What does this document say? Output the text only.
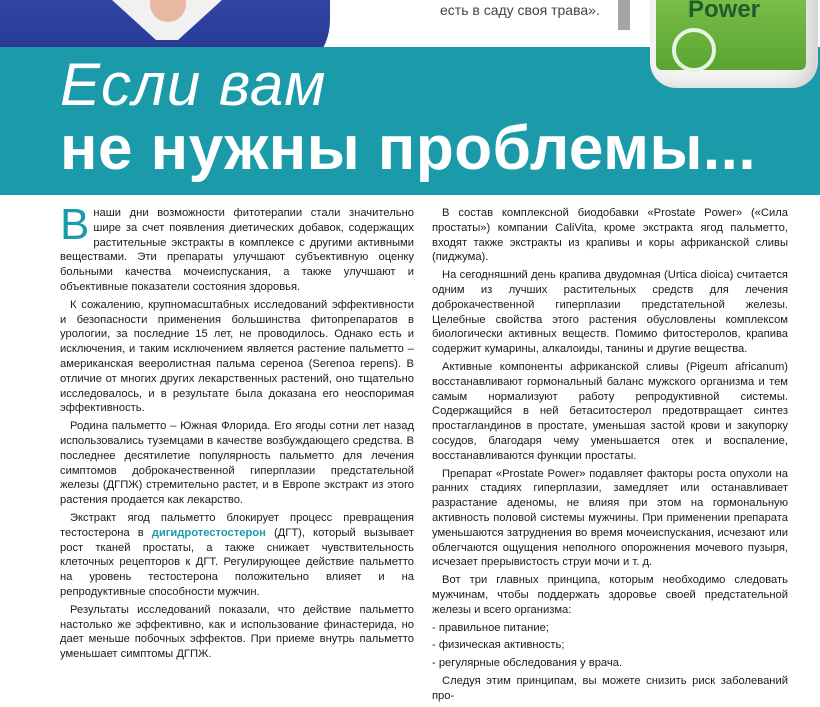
есть в саду своя трава».
Если вам
не нужны проблемы...
Power

Внаши дни возможности фитотерапии стали значительно шире за счет появления диетических добавок, содержащих растительные экстракты в комплексе с другими активными веществами. Эти препараты улучшают субъективную оценку больными качества мочеиспускания, а также улучшают и объективные показатели состояния здоровья.

К сожалению, крупномасштабных исследований эффективности и безопасности применения большинства фитопрепаратов в урологии, за последние 15 лет, не проводилось. Однако есть и исключения, и таким исключением является растение пальметто – американская вееролистная пальма сереноа (Serenoa repens). В отличие от многих других лекарственных растений, оно тщательно исследовалось, и в результате была доказана его неоспоримая эффективность.

Родина пальметто – Южная Флорида. Его ягоды сотни лет назад использовались туземцами в качестве возбуждающего средства. В последнее десятилетие популярность пальметто для лечения симптомов доброкачественной гиперплазии предстательной железы (ДГПЖ) стремительно растет, и в Европе экстракт из этого растения продается как лекарство.

Экстракт ягод пальметто блокирует процесс превращения тестостерона в дигидротестостерон (ДГТ), который вызывает рост тканей простаты, а также снижает чувствительность клеточных рецепторов к ДГТ. Регулирующее действие пальметто на уровень тестостерона положительно влияет и на репродуктивные способности мужчин.

Результаты исследований показали, что действие пальметто настолько же эффективно, как и использование финастерида, но дает меньше побочных эффектов. При приеме внутрь пальметто уменьшает симптомы ДГПЖ.

В состав комплексной биодобавки «Prostate Power» («Сила простаты») компании CaliVita, кроме экстракта ягод пальметто, входят также экстракты из крапивы и коры африканской сливы (пиджума).

На сегодняшний день крапива двудомная (Urtica dioica) считается одним из лучших растительных средств для лечения доброкачественной гиперплазии предстательной железы. Целебные свойства этого растения обусловлены комплексом биологически активных веществ. Помимо фитостеролов, крапива содержит кумарины, алкалоиды, танины и другие вещества.

Активные компоненты африканской сливы (Pigeum africanum) восстанавливают гормональный баланс мужского организма и тем самым нормализуют работу репродуктивной системы. Содержащийся в ней бетаситостерол предотвращает синтез простагландинов в простате, уменьшая застой крови и закупорку сосудов, благодаря чему уменьшается отек и воспаление, восстанавливаются функции простаты.

Препарат «Prostate Power» подавляет факторы роста опухоли на ранних стадиях гиперплазии, замедляет или останавливает разрастание аденомы, не влияя при этом на гормональную активность половой системы мужчины. При применении препарата уменьшаются затруднения во время мочеиспускания, исчезают или облегчаются ощущения неполного опорожнения мочевого пузыря, исчезает прерывистость струи мочи и т. д.

Вот три главных принципа, которым необходимо следовать мужчинам, чтобы поддержать здоровье своей предстательной железы и всего организма:

- правильное питание;

- физическая активность;

- регулярные обследования у врача.

Следуя этим принципам, вы можете снизить риск заболеваний про-
